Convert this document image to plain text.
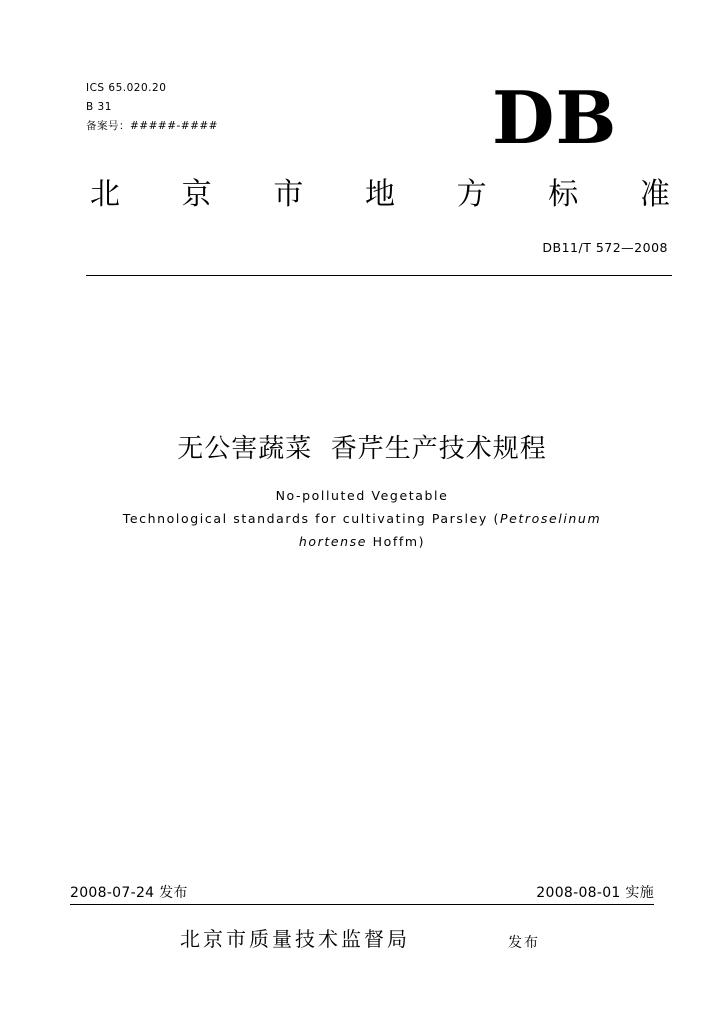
ICS 65.020.20
B 31
备案号：#####-####	DB
北 京 市 地 方 标 准
DB11/T 572—2008
无公害蔬菜  香芹生产技术规程
No-polluted Vegetable
Technological standards for cultivating Parsley (Petroselinum
hortense Hoffm)
2008-07-24 发布	2008-08-01 实施
北京市质量技术监督局	发布
